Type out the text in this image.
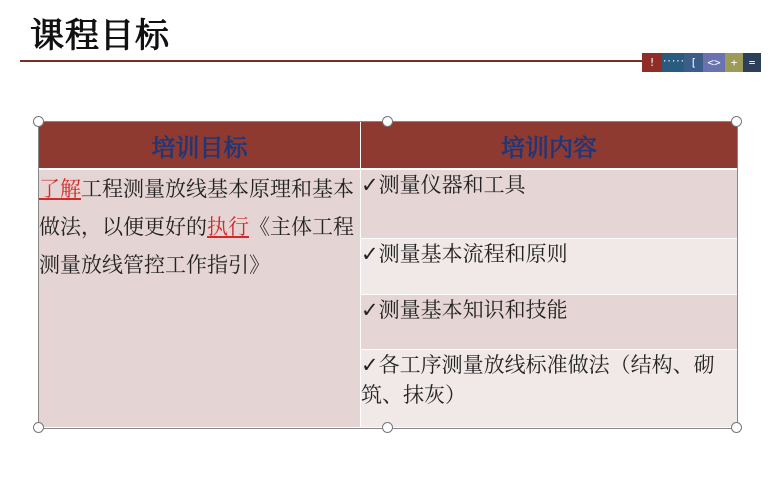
课程目标
! ····· [ ]
<> +	=
培训目标	培训内容
了解工程测量放线基本原理和基本做法，以便更好的执行《主体工程测量放线管控工作指引》	✓测量仪器和工具
	✓测量基本流程和原则
	✓测量基本知识和技能
	✓各工序测量放线标准做法（结构、砌筑、抹灰）
